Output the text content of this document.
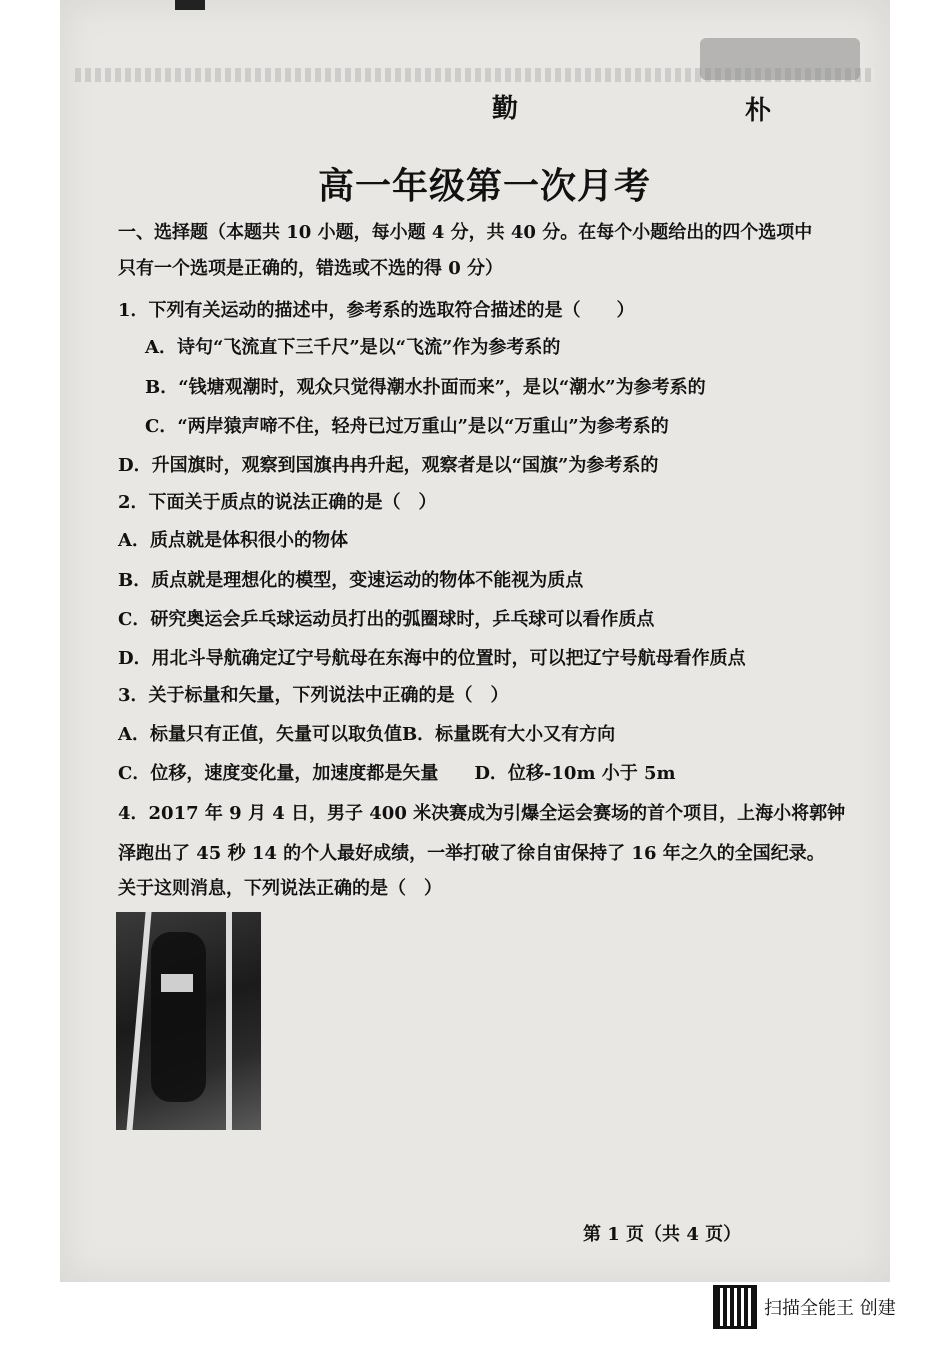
勤	朴
高一年级第一次月考
一、选择题（本题共 10 小题，每小题 4 分，共 40 分。在每个小题给出的四个选项中
只有一个选项是正确的，错选或不选的得 0 分）
1．下列有关运动的描述中，参考系的选取符合描述的是（　　）
A．诗句“飞流直下三千尺”是以“飞流”作为参考系的
B．“钱塘观潮时，观众只觉得潮水扑面而来”，是以“潮水”为参考系的
C．“两岸猿声啼不住，轻舟已过万重山”是以“万重山”为参考系的
D．升国旗时，观察到国旗冉冉升起，观察者是以“国旗”为参考系的
2．下面关于质点的说法正确的是（　）
A．质点就是体积很小的物体
B．质点就是理想化的模型，变速运动的物体不能视为质点
C．研究奥运会乒乓球运动员打出的弧圈球时，乒乓球可以看作质点
D．用北斗导航确定辽宁号航母在东海中的位置时，可以把辽宁号航母看作质点
3．关于标量和矢量，下列说法中正确的是（　）
A．标量只有正值，矢量可以取负值B．标量既有大小又有方向
C．位移，速度变化量，加速度都是矢量　　D．位移-10m 小于 5m
4．2017 年 9 月 4 日，男子 400 米决赛成为引爆全运会赛场的首个项目，上海小将郭钟
泽跑出了 45 秒 14 的个人最好成绩，一举打破了徐自宙保持了 16 年之久的全国纪录。
关于这则消息，下列说法正确的是（　）
第 1 页（共 4 页）
扫描全能王 创建
